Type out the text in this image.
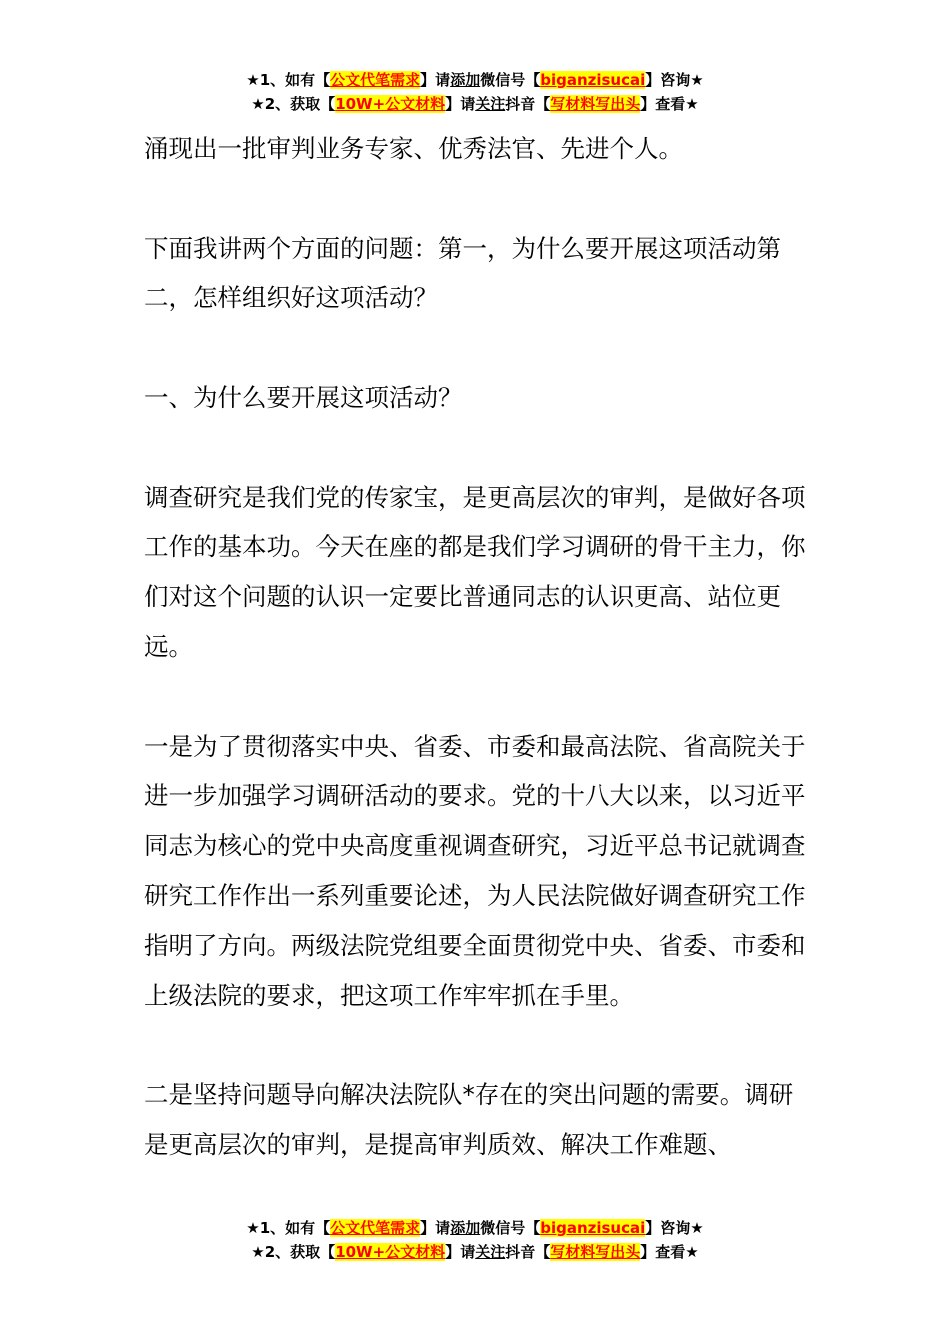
★1、如有【公文代笔需求】请添加微信号【biganzisucai】咨询★
★2、获取【10W+公文材料】请关注抖音【写材料写出头】查看★

涌现出一批审判业务专家、优秀法官、先进个人。

下面我讲两个方面的问题：第一，为什么要开展这项活动第二，怎样组织好这项活动？

一、为什么要开展这项活动？

调查研究是我们党的传家宝，是更高层次的审判，是做好各项工作的基本功。今天在座的都是我们学习调研的骨干主力，你们对这个问题的认识一定要比普通同志的认识更高、站位更远。

一是为了贯彻落实中央、省委、市委和最高法院、省高院关于进一步加强学习调研活动的要求。党的十八大以来，以习近平同志为核心的党中央高度重视调查研究，习近平总书记就调查研究工作作出一系列重要论述，为人民法院做好调查研究工作指明了方向。两级法院党组要全面贯彻党中央、省委、市委和上级法院的要求，把这项工作牢牢抓在手里。

二是坚持问题导向解决法院队*存在的突出问题的需要。调研是更高层次的审判，是提高审判质效、解决工作难题、

★1、如有【公文代笔需求】请添加微信号【biganzisucai】咨询★
★2、获取【10W+公文材料】请关注抖音【写材料写出头】查看★
